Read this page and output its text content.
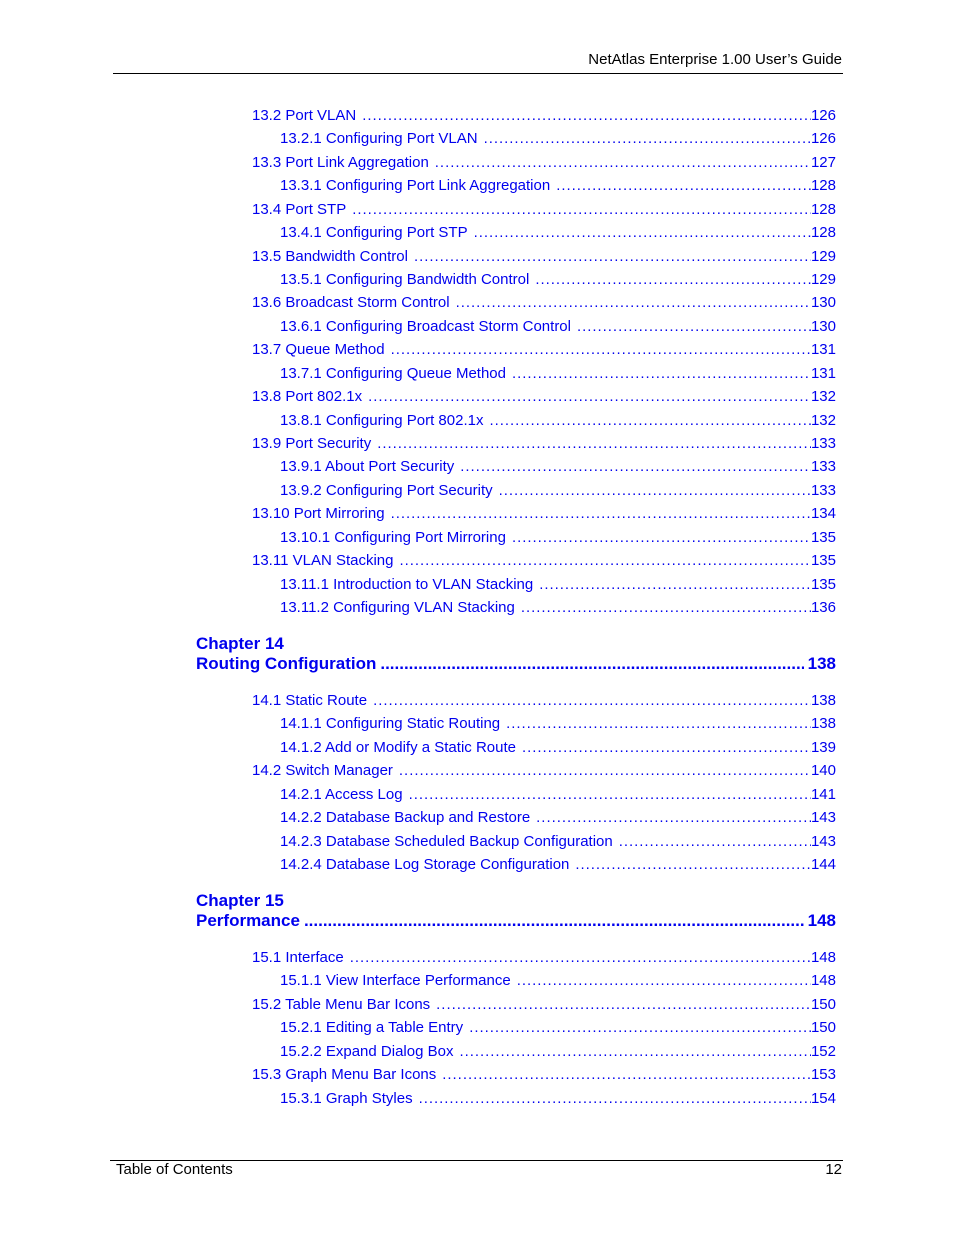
NetAtlas Enterprise 1.00 User’s Guide
13.2 Port VLAN . . .	126
13.2.1 Configuring Port VLAN . . .	126
13.3 Port Link Aggregation . . .	127
13.3.1 Configuring Port Link Aggregation . . .	128
13.4 Port STP . . .	128
13.4.1 Configuring Port STP . . .	128
13.5 Bandwidth Control . . .	129
13.5.1 Configuring Bandwidth Control . . .	129
13.6 Broadcast Storm Control . . .	130
13.6.1 Configuring Broadcast Storm Control . . .	130
13.7 Queue Method . . .	131
13.7.1 Configuring Queue Method . . .	131
13.8 Port 802.1x . . .	132
13.8.1 Configuring Port 802.1x . . .	132
13.9 Port Security . . .	133
13.9.1 About Port Security . . .	133
13.9.2 Configuring Port Security . . .	133
13.10 Port Mirroring . . .	134
13.10.1 Configuring Port Mirroring . . .	135
13.11 VLAN Stacking . . .	135
13.11.1 Introduction to VLAN Stacking . . .	135
13.11.2 Configuring VLAN Stacking . . .	136
Chapter 14
Routing Configuration .....	138
14.1 Static Route . . .	138
14.1.1 Configuring Static Routing . . .	138
14.1.2 Add or Modify a Static Route . . .	139
14.2 Switch Manager . . .	140
14.2.1 Access Log . . .	141
14.2.2 Database Backup and Restore . . .	143
14.2.3 Database Scheduled Backup Configuration . . .	143
14.2.4 Database Log Storage Configuration . . .	144
Chapter 15
Performance .....	148
15.1 Interface . . .	148
15.1.1 View Interface Performance . . .	148
15.2 Table Menu Bar Icons . . .	150
15.2.1 Editing a Table Entry . . .	150
15.2.2 Expand Dialog Box . . .	152
15.3 Graph Menu Bar Icons . . .	153
15.3.1 Graph Styles . . .	154
Table of Contents	12
